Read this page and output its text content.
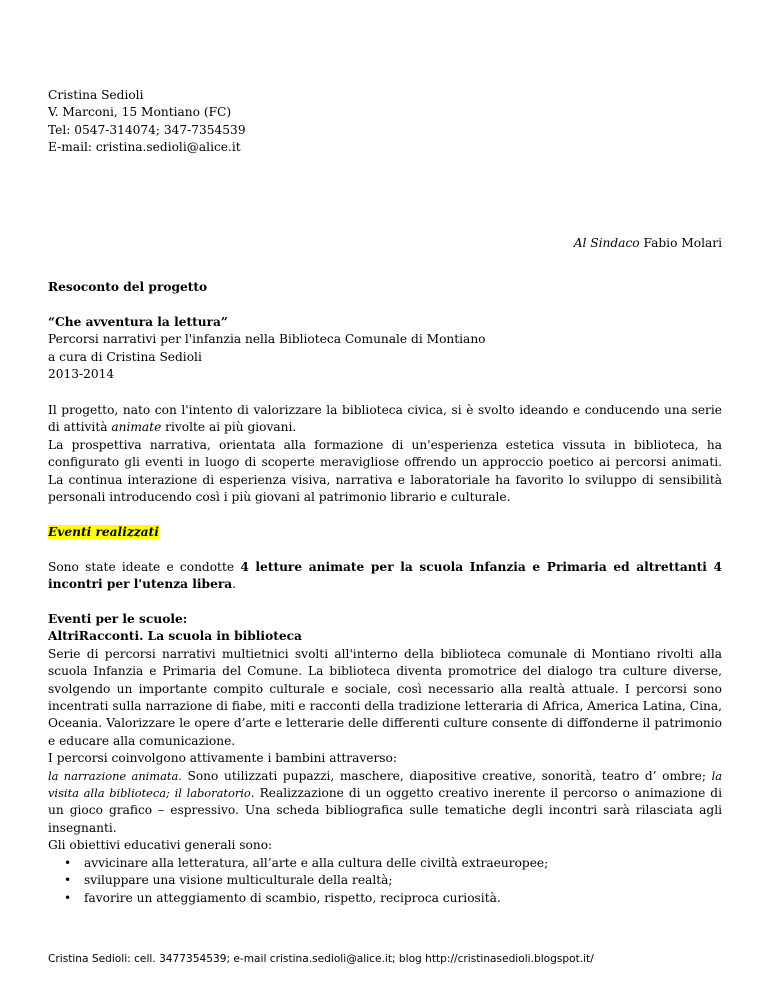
Cristina Sedioli
V. Marconi, 15 Montiano (FC)
Tel: 0547-314074; 347-7354539
E-mail: cristina.sedioli@alice.it
Al Sindaco Fabio Molari
Resoconto del progetto
“Che avventura la lettura”
Percorsi narrativi per l'infanzia nella Biblioteca Comunale di Montiano
a cura di Cristina Sedioli
2013-2014
Il progetto, nato con l'intento di valorizzare la biblioteca civica, si è svolto ideando e conducendo una serie di attività animate rivolte ai più giovani.
La prospettiva narrativa, orientata alla formazione di un'esperienza estetica vissuta in biblioteca, ha configurato gli eventi in luogo di scoperte meravigliose offrendo un approccio poetico ai percorsi animati. La continua interazione di esperienza visiva, narrativa e laboratoriale ha favorito lo sviluppo di sensibilità personali introducendo così i più giovani al patrimonio librario e culturale.
Eventi realizzati
Sono state ideate e condotte 4 letture animate per la scuola Infanzia e Primaria ed altrettanti 4 incontri per l'utenza libera.
Eventi per le scuole:
AltriRacconti. La scuola in biblioteca
Serie di percorsi narrativi multietnici svolti all'interno della biblioteca comunale di Montiano rivolti alla scuola Infanzia e Primaria del Comune. La biblioteca diventa promotrice del dialogo tra culture diverse, svolgendo un importante compito culturale e sociale, così necessario alla realtà attuale. I percorsi sono incentrati sulla narrazione di fiabe, miti e racconti della tradizione letteraria di Africa, America Latina, Cina, Oceania. Valorizzare le opere d’arte e letterarie delle differenti culture consente di diffonderne il patrimonio e educare alla comunicazione.
I percorsi coinvolgono attivamente i bambini attraverso:
la narrazione animata. Sono utilizzati pupazzi, maschere, diapositive creative, sonorità, teatro d’ ombre; la visita alla biblioteca; il laboratorio. Realizzazione di un oggetto creativo inerente il percorso o animazione di un gioco grafico – espressivo. Una scheda bibliografica sulle tematiche degli incontri sarà rilasciata agli insegnanti.
Gli obiettivi educativi generali sono:
• avvicinare alla letteratura, all’arte e alla cultura delle civiltà extraeuropee;
• sviluppare una visione multiculturale della realtà;
• favorire un atteggiamento di scambio, rispetto, reciproca curiosità.
Cristina Sedioli: cell. 3477354539; e-mail cristina.sedioli@alice.it; blog http://cristinasedioli.blogspot.it/
